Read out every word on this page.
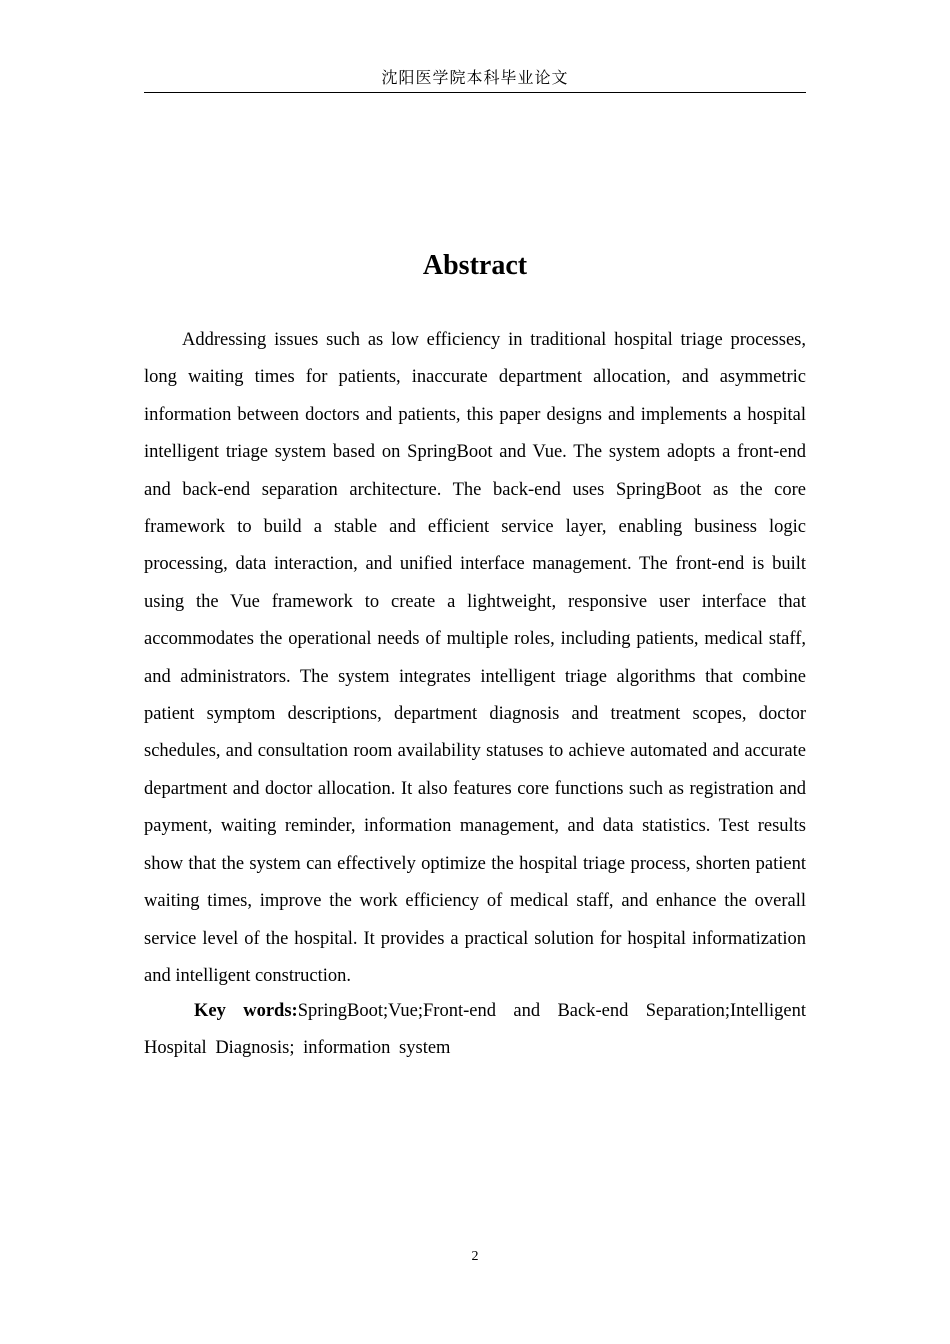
沈阳医学院本科毕业论文
Abstract

Addressing issues such as low efficiency in traditional hospital triage processes, long waiting times for patients, inaccurate department allocation, and asymmetric information between doctors and patients, this paper designs and implements a hospital intelligent triage system based on SpringBoot and Vue. The system adopts a front-end and back-end separation architecture. The back-end uses SpringBoot as the core framework to build a stable and efficient service layer, enabling business logic processing, data interaction, and unified interface management. The front-end is built using the Vue framework to create a lightweight, responsive user interface that accommodates the operational needs of multiple roles, including patients, medical staff, and administrators. The system integrates intelligent triage algorithms that combine patient symptom descriptions, department diagnosis and treatment scopes, doctor schedules, and consultation room availability statuses to achieve automated and accurate department and doctor allocation. It also features core functions such as registration and payment, waiting reminder, information management, and data statistics. Test results show that the system can effectively optimize the hospital triage process, shorten patient waiting times, improve the work efficiency of medical staff, and enhance the overall service level of the hospital. It provides a practical solution for hospital informatization and intelligent construction.

Key words:SpringBoot;Vue;Front-end and Back-end Separation;Intelligent Hospital Diagnosis; information system

2
